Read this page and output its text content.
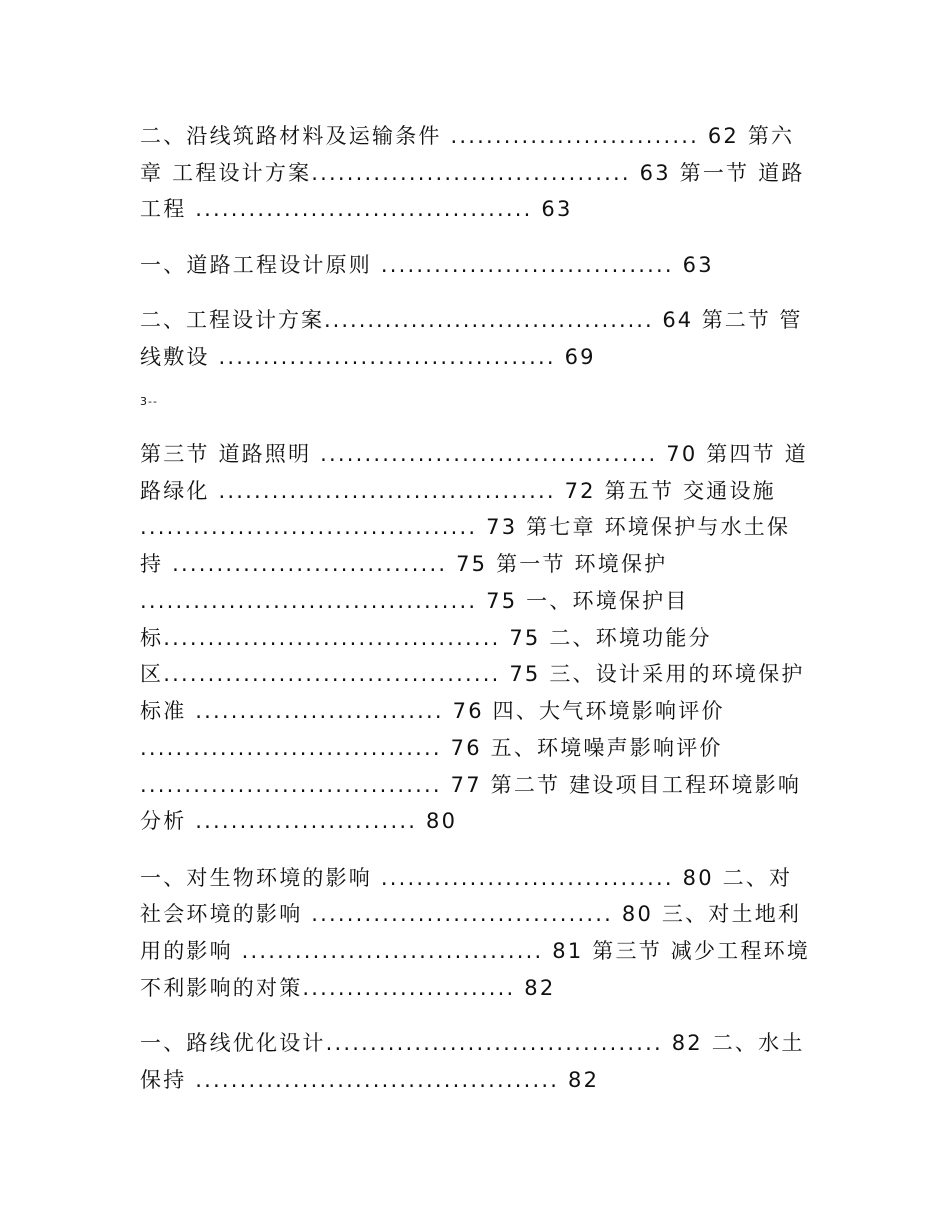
二、沿线筑路材料及运输条件 ............................ 62 第六
章 工程设计方案.................................... 63 第一节 道路
工程 ...................................... 63
一、道路工程设计原则 ................................. 63
二、工程设计方案...................................... 64 第二节 管
线敷设 ...................................... 69
3--
第三节 道路照明 ...................................... 70 第四节 道
路绿化 ...................................... 72 第五节 交通设施
...................................... 73 第七章 环境保护与水土保
持 ............................... 75 第一节 环境保护
...................................... 75 一、环境保护目
标...................................... 75 二、环境功能分
区...................................... 75 三、设计采用的环境保护
标准 ............................ 76 四、大气环境影响评价
.................................. 76 五、环境噪声影响评价
.................................. 77 第二节 建设项目工程环境影响
分析 ......................... 80
一、对生物环境的影响 ................................. 80 二、对
社会环境的影响 .................................. 80 三、对土地利
用的影响 .................................. 81 第三节 减少工程环境
不利影响的对策........................ 82
一、路线优化设计...................................... 82 二、水土
保持 ......................................... 82
